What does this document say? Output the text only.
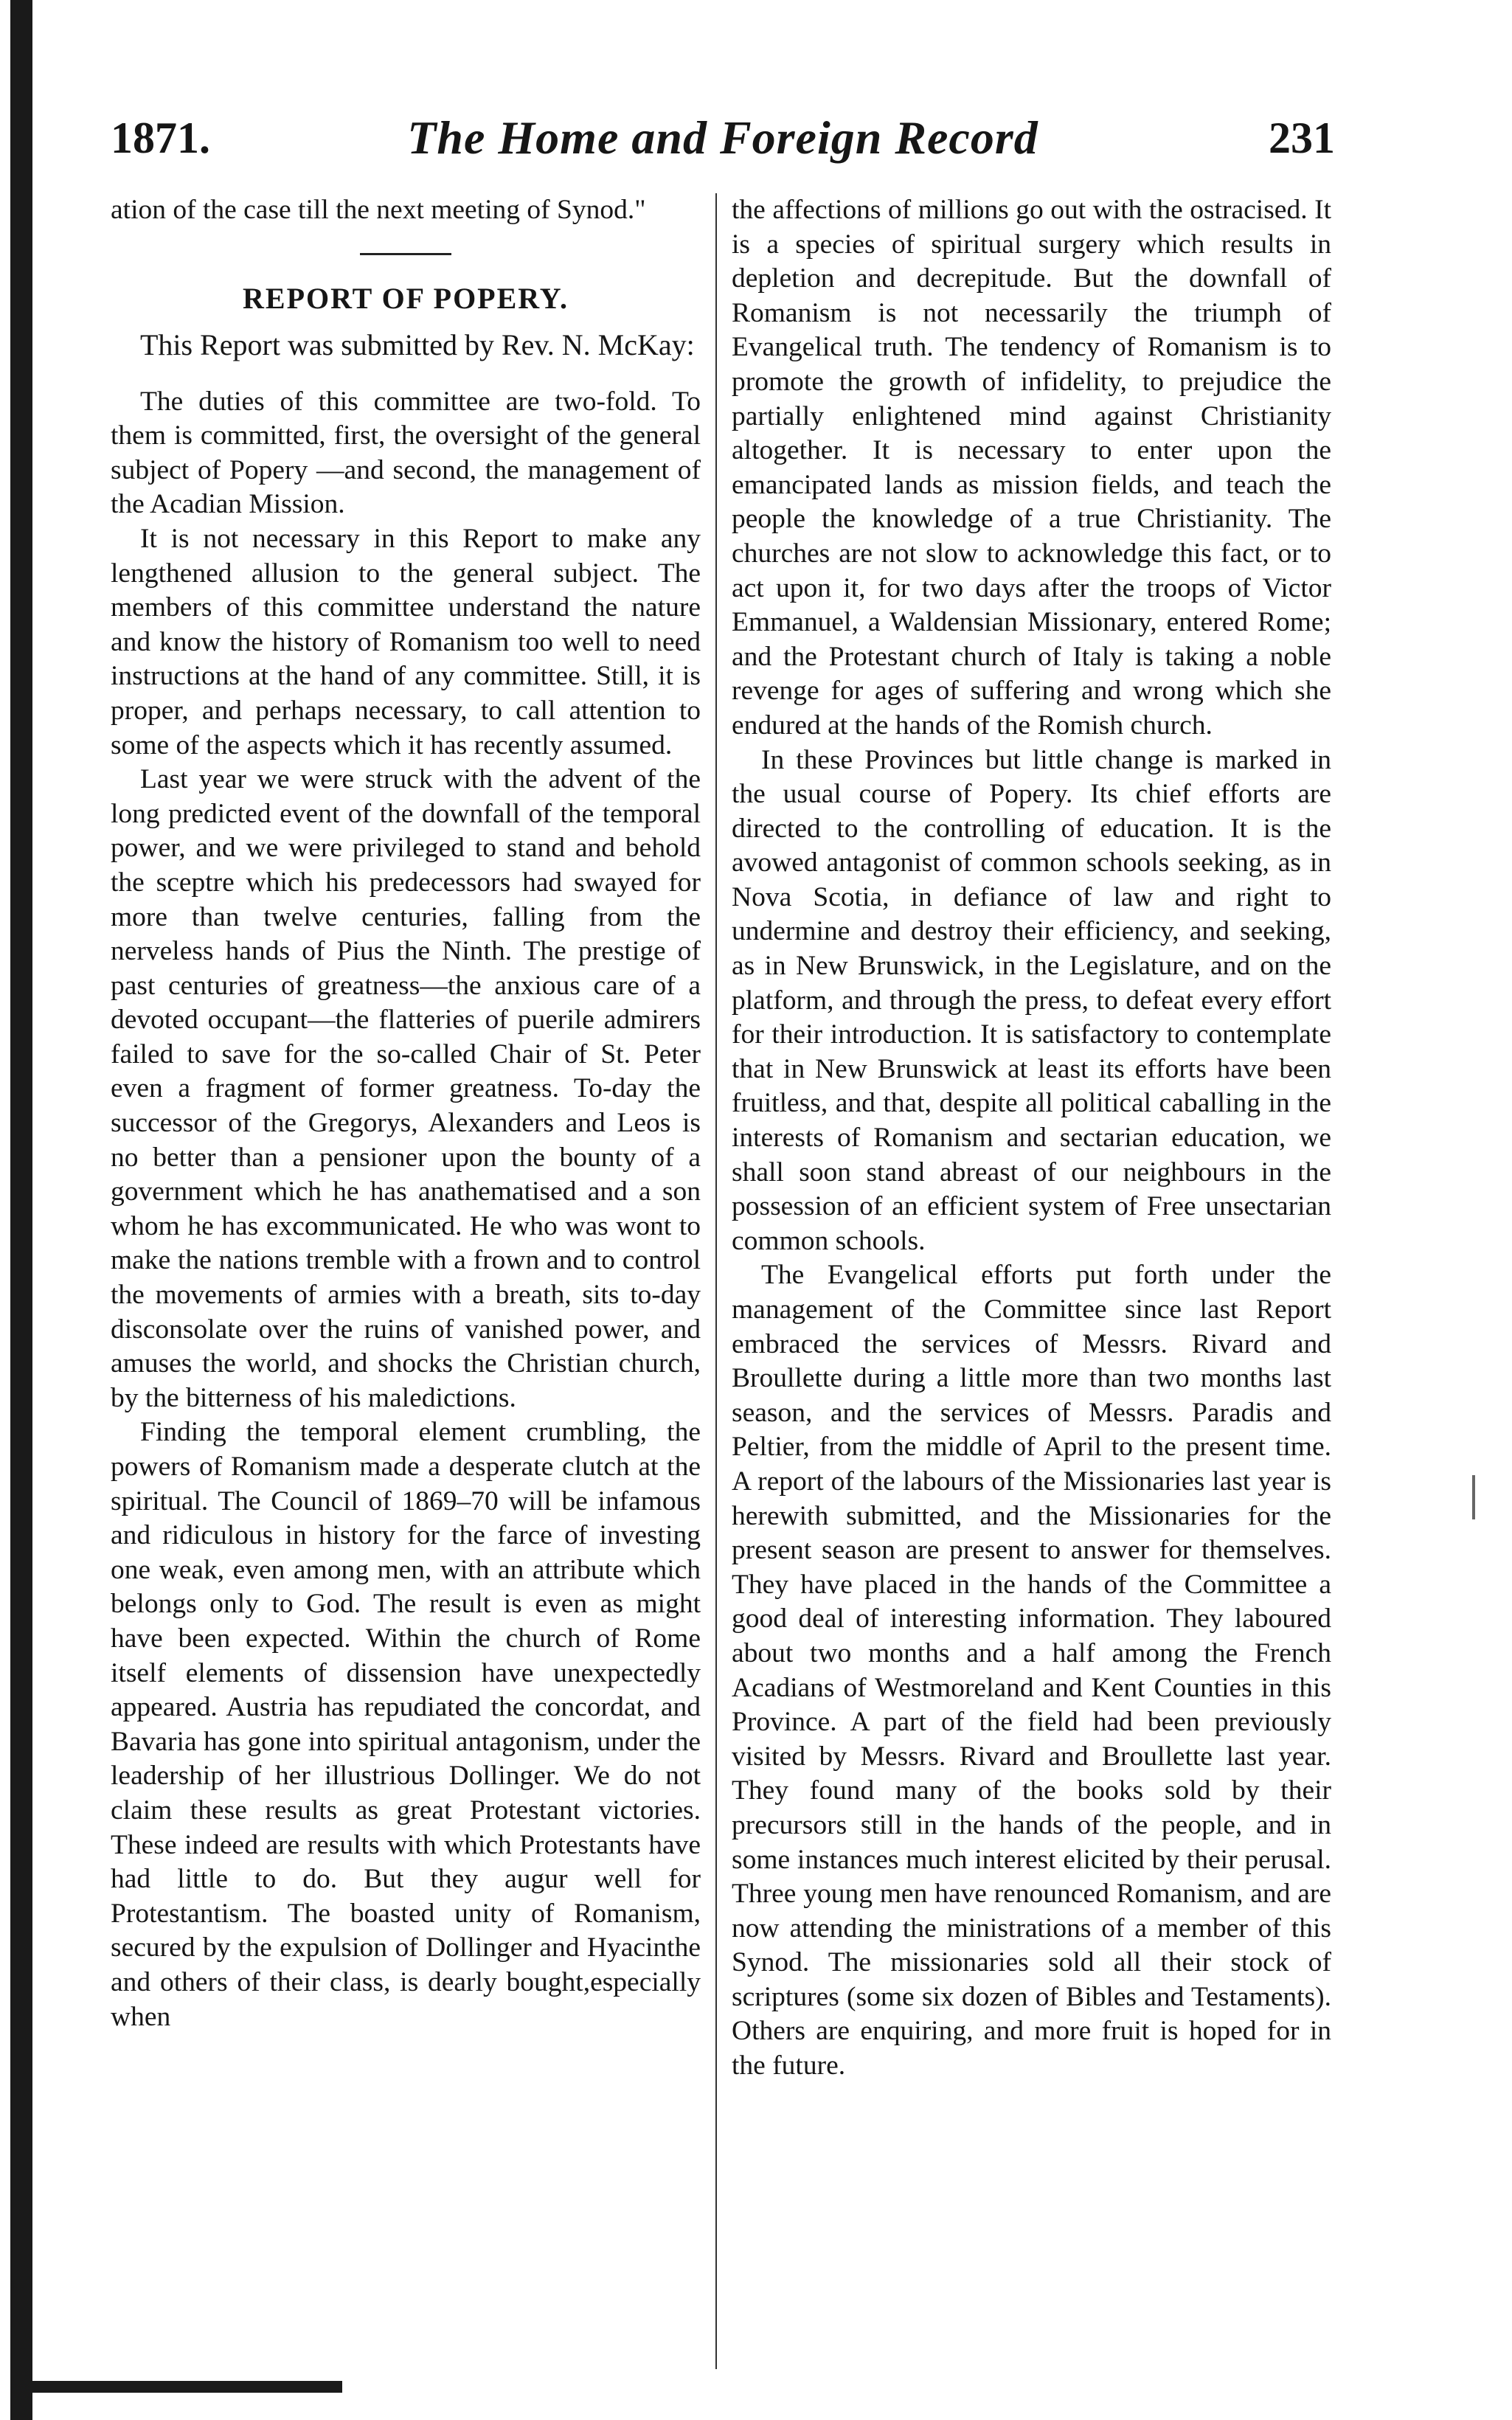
1871.	The Home and Foreign Record	231

ation of the case till the next meeting of Synod."

REPORT OF POPERY.

This Report was submitted by Rev. N. McKay:

The duties of this committee are two-fold. To them is committed, first, the oversight of the general subject of Popery —and second, the management of the Acadian Mission.

It is not necessary in this Report to make any lengthened allusion to the general subject. The members of this committee understand the nature and know the history of Romanism too well to need instructions at the hand of any committee. Still, it is proper, and perhaps necessary, to call attention to some of the aspects which it has recently assumed.

Last year we were struck with the advent of the long predicted event of the downfall of the temporal power, and we were privileged to stand and behold the sceptre which his predecessors had swayed for more than twelve centuries, falling from the nerveless hands of Pius the Ninth. The prestige of past centuries of greatness—the anxious care of a devoted occupant—the flatteries of puerile admirers failed to save for the so-called Chair of St. Peter even a fragment of former greatness. To-day the successor of the Gregorys, Alexanders and Leos is no better than a pensioner upon the bounty of a government which he has anathematised and a son whom he has excommunicated. He who was wont to make the nations tremble with a frown and to control the movements of armies with a breath, sits to-day disconsolate over the ruins of vanished power, and amuses the world, and shocks the Christian church, by the bitterness of his maledictions.

Finding the temporal element crumbling, the powers of Romanism made a desperate clutch at the spiritual. The Council of 1869–70 will be infamous and ridiculous in history for the farce of investing one weak, even among men, with an attribute which belongs only to God. The result is even as might have been expected. Within the church of Rome itself elements of dissension have unexpectedly appeared. Austria has repudiated the concordat, and Bavaria has gone into spiritual antagonism, under the leadership of her illustrious Dollinger. We do not claim these results as great Protestant victories. These indeed are results with which Protestants have had little to do. But they augur well for Protestantism. The boasted unity of Romanism, secured by the expulsion of Dollinger and Hyacinthe and others of their class, is dearly bought,especially when

the affections of millions go out with the ostracised. It is a species of spiritual surgery which results in depletion and decrepitude. But the downfall of Romanism is not necessarily the triumph of Evangelical truth. The tendency of Romanism is to promote the growth of infidelity, to prejudice the partially enlightened mind against Christianity altogether. It is necessary to enter upon the emancipated lands as mission fields, and teach the people the knowledge of a true Christianity. The churches are not slow to acknowledge this fact, or to act upon it, for two days after the troops of Victor Emmanuel, a Waldensian Missionary, entered Rome; and the Protestant church of Italy is taking a noble revenge for ages of suffering and wrong which she endured at the hands of the Romish church.

In these Provinces but little change is marked in the usual course of Popery. Its chief efforts are directed to the controlling of education. It is the avowed antagonist of common schools seeking, as in Nova Scotia, in defiance of law and right to undermine and destroy their efficiency, and seeking, as in New Brunswick, in the Legislature, and on the platform, and through the press, to defeat every effort for their introduction. It is satisfactory to contemplate that in New Brunswick at least its efforts have been fruitless, and that, despite all political caballing in the interests of Romanism and sectarian education, we shall soon stand abreast of our neighbours in the possession of an efficient system of Free unsectarian common schools.

The Evangelical efforts put forth under the management of the Committee since last Report embraced the services of Messrs. Rivard and Broullette during a little more than two months last season, and the services of Messrs. Paradis and Peltier, from the middle of April to the present time. A report of the labours of the Missionaries last year is herewith submitted, and the Missionaries for the present season are present to answer for themselves. They have placed in the hands of the Committee a good deal of interesting information. They laboured about two months and a half among the French Acadians of Westmoreland and Kent Counties in this Province. A part of the field had been previously visited by Messrs. Rivard and Broullette last year. They found many of the books sold by their precursors still in the hands of the people, and in some instances much interest elicited by their perusal. Three young men have renounced Romanism, and are now attending the ministrations of a member of this Synod. The missionaries sold all their stock of scriptures (some six dozen of Bibles and Testaments). Others are enquiring, and more fruit is hoped for in the future.
